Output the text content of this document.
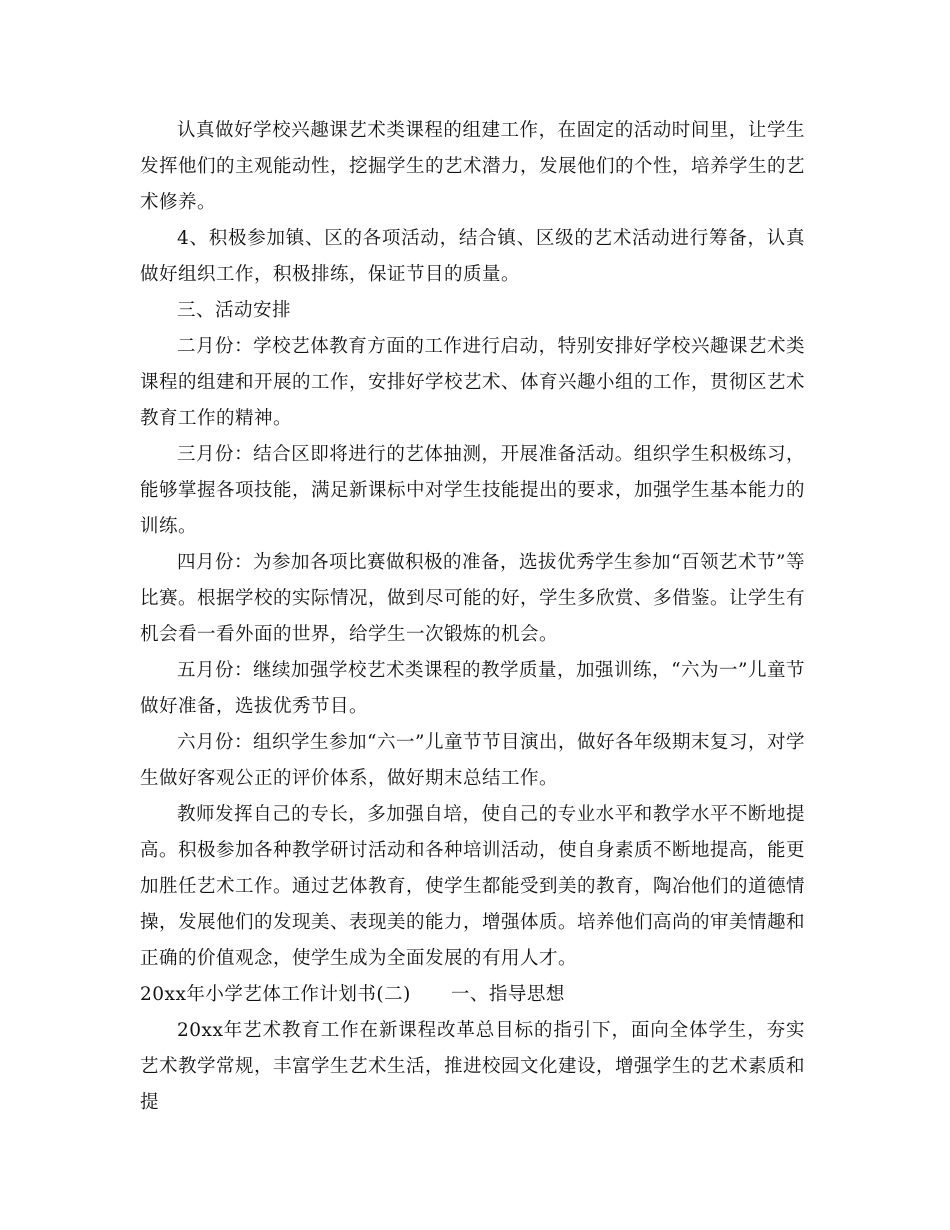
认真做好学校兴趣课艺术类课程的组建工作，在固定的活动时间里，让学生发挥他们的主观能动性，挖掘学生的艺术潜力，发展他们的个性，培养学生的艺术修养。

4、积极参加镇、区的各项活动，结合镇、区级的艺术活动进行筹备，认真做好组织工作，积极排练，保证节目的质量。

三、活动安排

二月份：学校艺体教育方面的工作进行启动，特别安排好学校兴趣课艺术类课程的组建和开展的工作，安排好学校艺术、体育兴趣小组的工作，贯彻区艺术教育工作的精神。

三月份：结合区即将进行的艺体抽测，开展准备活动。组织学生积极练习，能够掌握各项技能，满足新课标中对学生技能提出的要求，加强学生基本能力的训练。

四月份：为参加各项比赛做积极的准备，选拔优秀学生参加“百领艺术节”等比赛。根据学校的实际情况，做到尽可能的好，学生多欣赏、多借鉴。让学生有机会看一看外面的世界，给学生一次锻炼的机会。

五月份：继续加强学校艺术类课程的教学质量，加强训练，“六为一”儿童节做好准备，选拔优秀节目。

六月份：组织学生参加“六一”儿童节节目演出，做好各年级期末复习，对学生做好客观公正的评价体系，做好期末总结工作。

教师发挥自己的专长，多加强自培，使自己的专业水平和教学水平不断地提高。积极参加各种教学研讨活动和各种培训活动，使自身素质不断地提高，能更加胜任艺术工作。通过艺体教育，使学生都能受到美的教育，陶冶他们的道德情操，发展他们的发现美、表现美的能力，增强体质。培养他们高尚的审美情趣和正确的价值观念，使学生成为全面发展的有用人才。

20xx年小学艺体工作计划书(二) 一、指导思想

20xx年艺术教育工作在新课程改革总目标的指引下，面向全体学生，夯实艺术教学常规，丰富学生艺术生活，推进校园文化建设，增强学生的艺术素质和提
